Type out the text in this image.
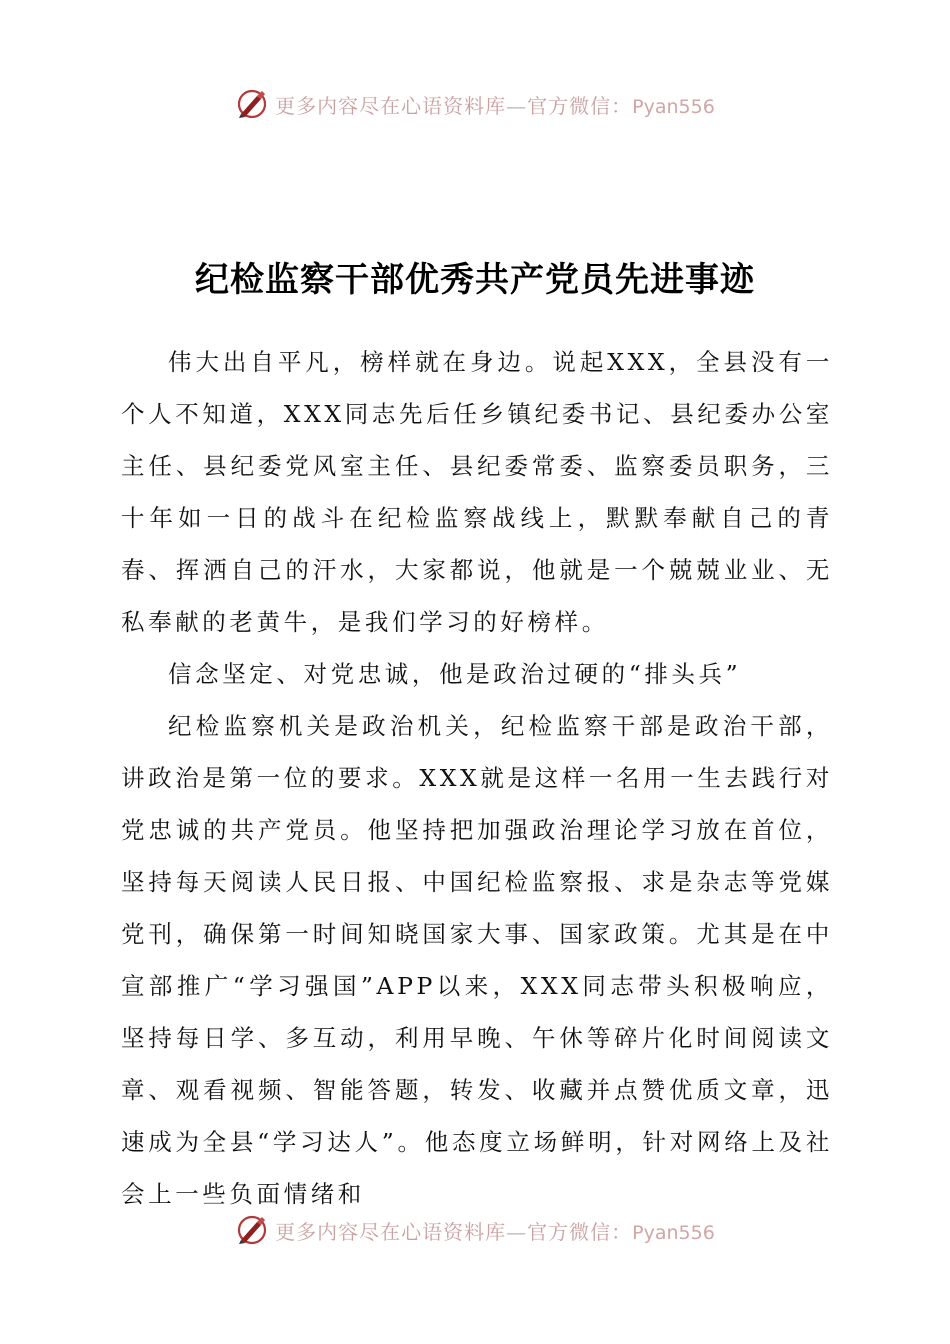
更多内容尽在心语资料库—官方微信：Pyan556
纪检监察干部优秀共产党员先进事迹

伟大出自平凡，榜样就在身边。说起XXX，全县没有一个人不知道，XXX同志先后任乡镇纪委书记、县纪委办公室主任、县纪委党风室主任、县纪委常委、监察委员职务，三十年如一日的战斗在纪检监察战线上，默默奉献自己的青春、挥洒自己的汗水，大家都说，他就是一个兢兢业业、无私奉献的老黄牛，是我们学习的好榜样。

信念坚定、对党忠诚，他是政治过硬的“排头兵”

纪检监察机关是政治机关，纪检监察干部是政治干部，讲政治是第一位的要求。XXX就是这样一名用一生去践行对党忠诚的共产党员。他坚持把加强政治理论学习放在首位，坚持每天阅读人民日报、中国纪检监察报、求是杂志等党媒党刊，确保第一时间知晓国家大事、国家政策。尤其是在中宣部推广“学习强国”APP以来，XXX同志带头积极响应，坚持每日学、多互动，利用早晚、午休等碎片化时间阅读文章、观看视频、智能答题，转发、收藏并点赞优质文章，迅速成为全县“学习达人”。他态度立场鲜明，针对网络上及社会上一些负面情绪和

更多内容尽在心语资料库—官方微信：Pyan556
